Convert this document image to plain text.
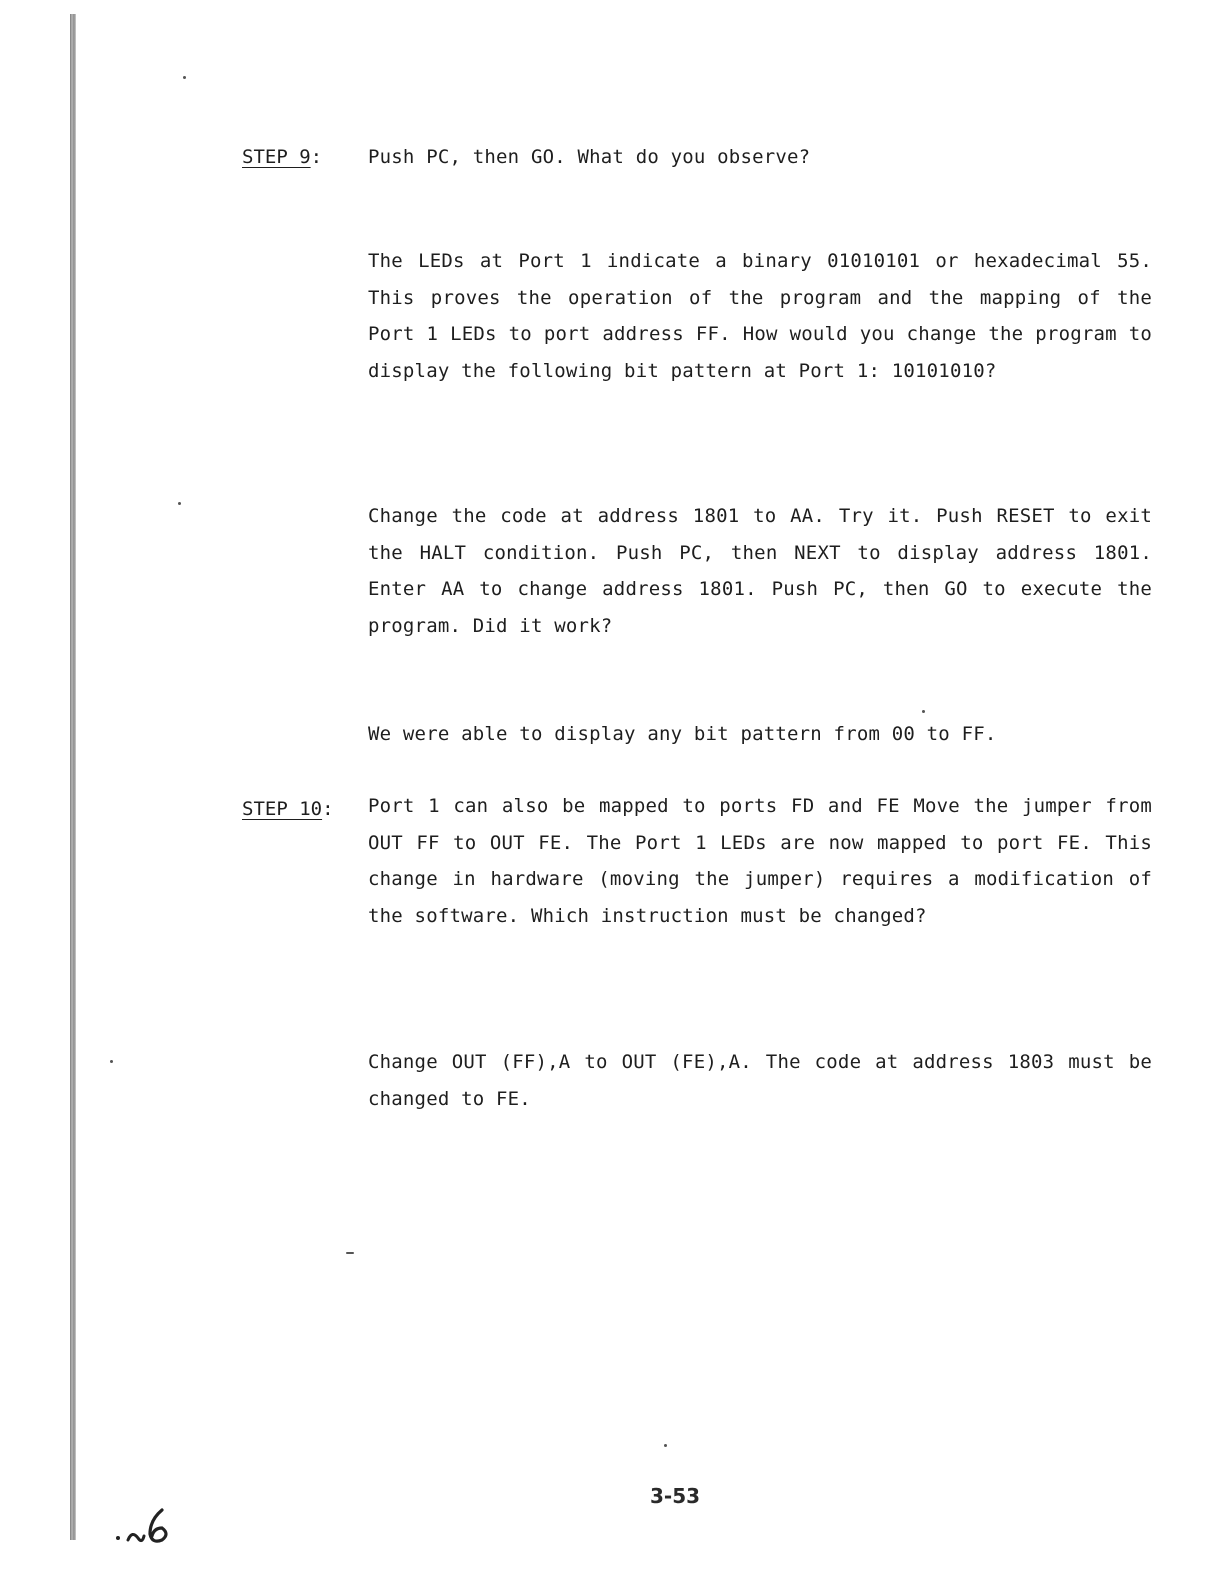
STEP 9: Push PC, then GO. What do you observe?
The LEDs at Port 1 indicate a binary 01010101 or hexadecimal 55. This proves the operation of the program and the mapping of the Port 1 LEDs to port address FF. How would you change the program to display the following bit pattern at Port 1: 10101010?
Change the code at address 1801 to AA. Try it. Push RESET to exit the HALT condition. Push PC, then NEXT to display address 1801. Enter AA to change address 1801. Push PC, then GO to execute the program. Did it work?
We were able to display any bit pattern from 00 to FF.
STEP 10: Port 1 can also be mapped to ports FD and FE Move the jumper from OUT FF to OUT FE. The Port 1 LEDs are now mapped to port FE. This change in hardware (moving the jumper) requires a modification of the software. Which instruction must be changed?
Change OUT (FF),A to OUT (FE),A. The code at address 1803 must be changed to FE.
3-53
